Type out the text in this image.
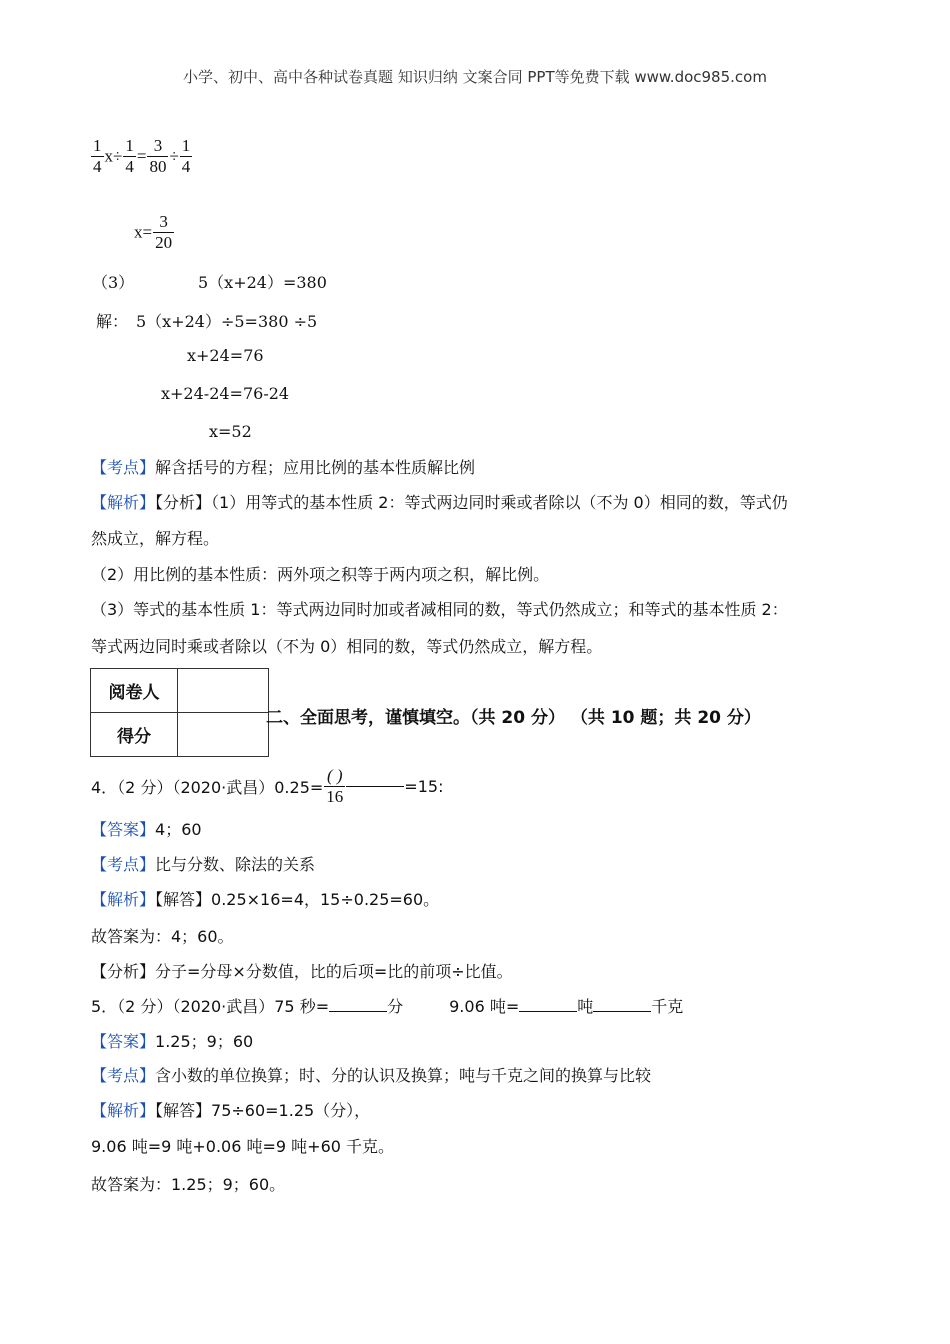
小学、初中、高中各种试卷真题 知识归纳 文案合同 PPT等免费下载 www.doc985.com
$\frac{1}{4} x\div \frac{1}{4} = \frac{3}{80} \div \frac{1}{4}$
$x= \frac{3}{20}$
（3）	5（x+24）=380
解： 5（x+24）÷5=380 ÷5
x+24=76
x+24-24=76-24
x=52
【考点】解含括号的方程；应用比例的基本性质解比例
【解析】【分析】（1）用等式的基本性质 2：等式两边同时乘或者除以（不为 0）相同的数，等式仍
然成立，解方程。
（2）用比例的基本性质：两外项之积等于两内项之积，解比例。
（3）等式的基本性质 1：等式两边同时加或者减相同的数，等式仍然成立；和等式的基本性质 2：
等式两边同时乘或者除以（不为 0）相同的数，等式仍然成立，解方程。
阅卷人	
得分	
二、全面思考，谨慎填空。（共 20 分） （共 10 题；共 20 分）
4．（2 分）（2020·武昌）$0.25= \frac{( )}{16}$	=15:
【答案】4；60
【考点】比与分数、除法的关系
【解析】【解答】0.25×16=4，15÷0.25=60。
故答案为：4；60。
【分析】分子=分母×分数值，比的后项=比的前项÷比值。
5．（2 分）（2020·武昌）75 秒=	分	9.06 吨=	吨	千克
【答案】1.25；9；60
【考点】含小数的单位换算；时、分的认识及换算；吨与千克之间的换算与比较
【解析】【解答】75÷60=1.25（分），
9.06 吨=9 吨+0.06 吨=9 吨+60 千克。
故答案为：1.25；9；60。
